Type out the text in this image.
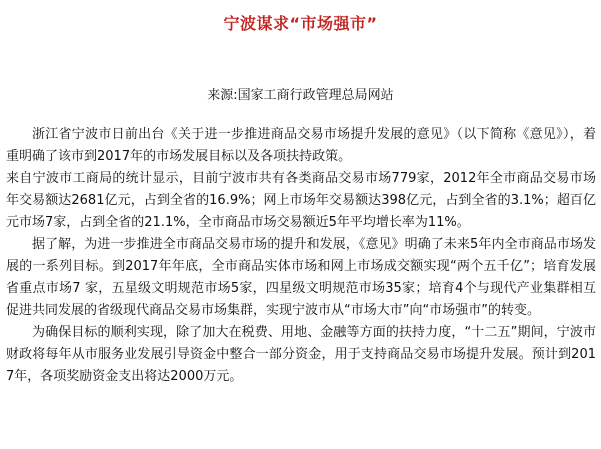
宁波谋求“市场强市”
来源:国家工商行政管理总局网站

浙江省宁波市日前出台《关于进一步推进商品交易市场提升发展的意见》（以下简称《意见》），着重明确了该市到2017年的市场发展目标以及各项扶持政策。

来自宁波市工商局的统计显示，目前宁波市共有各类商品交易市场779家，2012年全市商品交易市场年交易额达2681亿元，占到全省的16.9%；网上市场年交易额达398亿元，占到全省的3.1%；超百亿元市场7家，占到全省的21.1%，全市商品市场交易额近5年平均增长率为11%。

据了解，为进一步推进全市商品交易市场的提升和发展，《意见》明确了未来5年内全市商品市场发展的一系列目标。到2017年年底，全市商品实体市场和网上市场成交额实现“两个五千亿”；培育发展省重点市场7 家，五星级文明规范市场5家，四星级文明规范市场35家；培育4个与现代产业集群相互促进共同发展的省级现代商品交易市场集群，实现宁波市从“市场大市”向“市场强市”的转变。

为确保目标的顺利实现，除了加大在税费、用地、金融等方面的扶持力度，“十二五”期间，宁波市财政将每年从市服务业发展引导资金中整合一部分资金，用于支持商品交易市场提升发展。预计到2017年，各项奖励资金支出将达2000万元。
